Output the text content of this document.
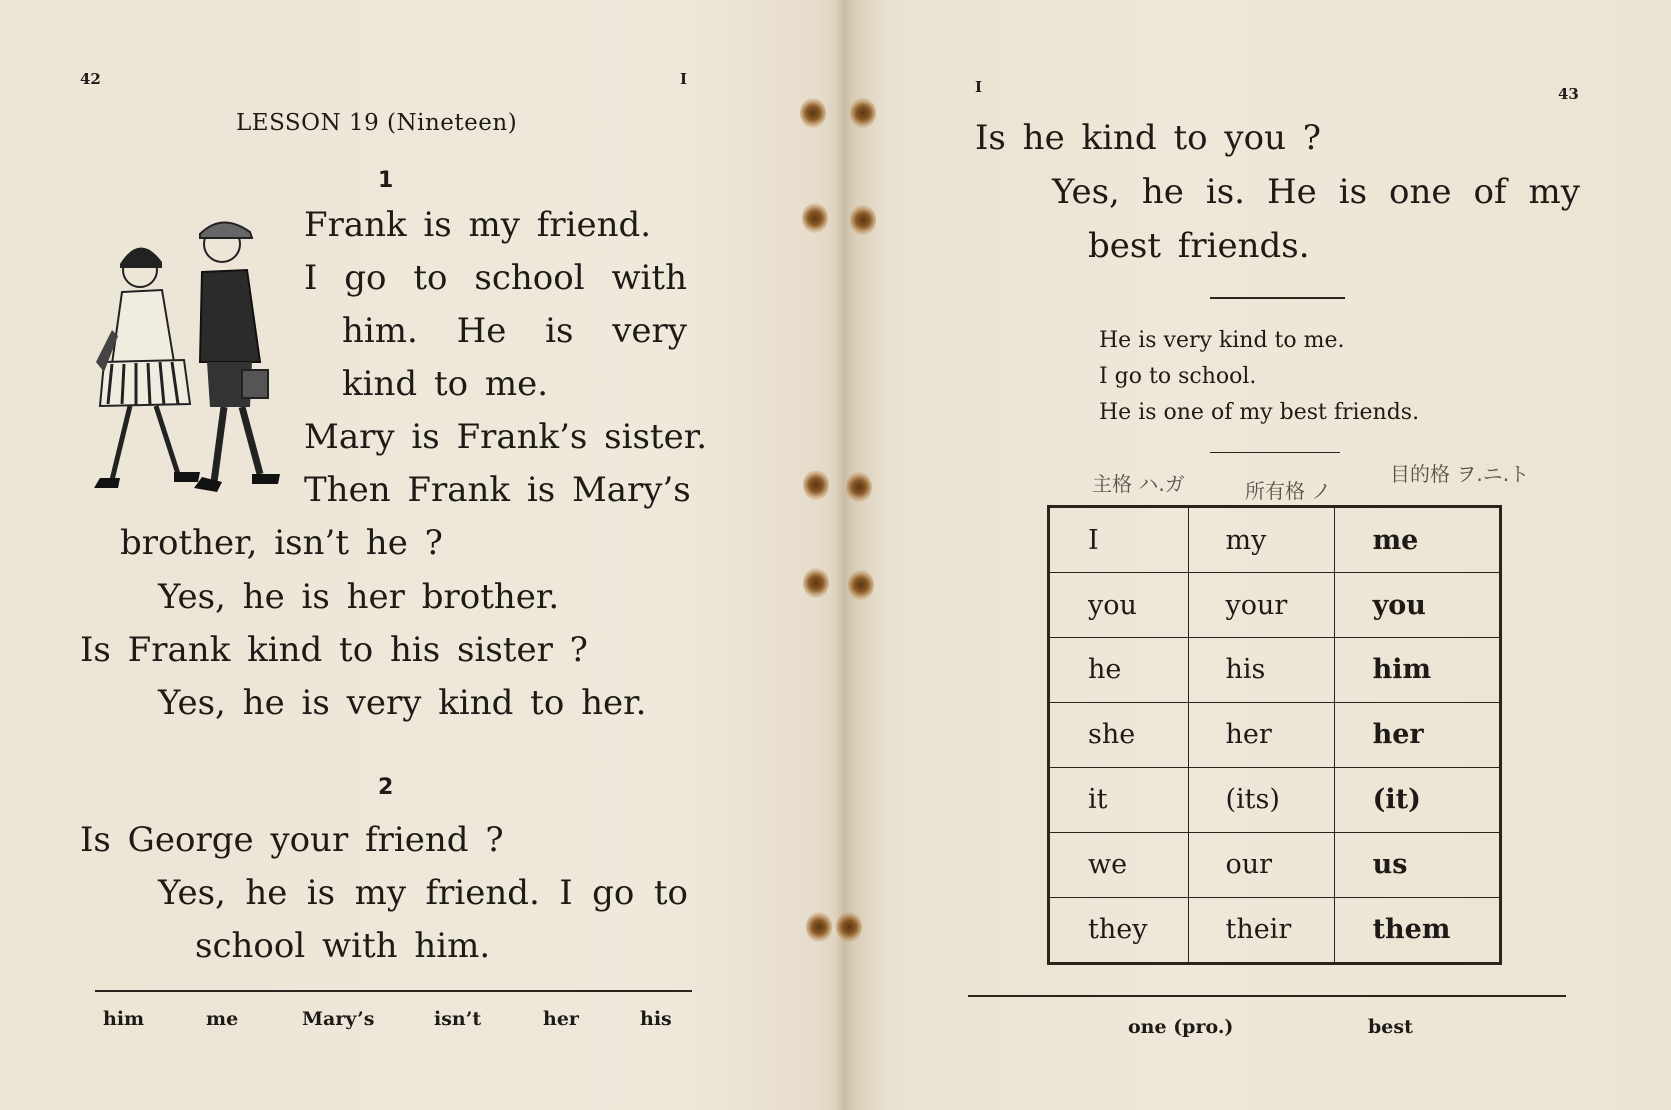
42	I
LESSON 19 (Nineteen)
1
Frank is my friend.
I go to school with
him. He is very
kind to me.
Mary is Frank’s sister.
Then Frank is Mary’s
brother, isn’t he ?
Yes, he is her brother.
Is Frank kind to his sister ?
Yes, he is very kind to her.
2
Is George your friend ?
Yes, he is my friend. I go to
school with him.
him	me	Mary’s	isn’t	her	his
I	43
Is he kind to you ?
Yes, he is. He is one of my
best friends.
He is very kind to me.
I go to school.
He is one of my best friends.
主格 ハ.ガ	所有格 ノ
目的格 ヲ.ニ.ト
I	my	me
you	your	you
he	his	him
she	her	her
it	(its)	(it)
we	our	us
they	their	them
one (pro.)	best
